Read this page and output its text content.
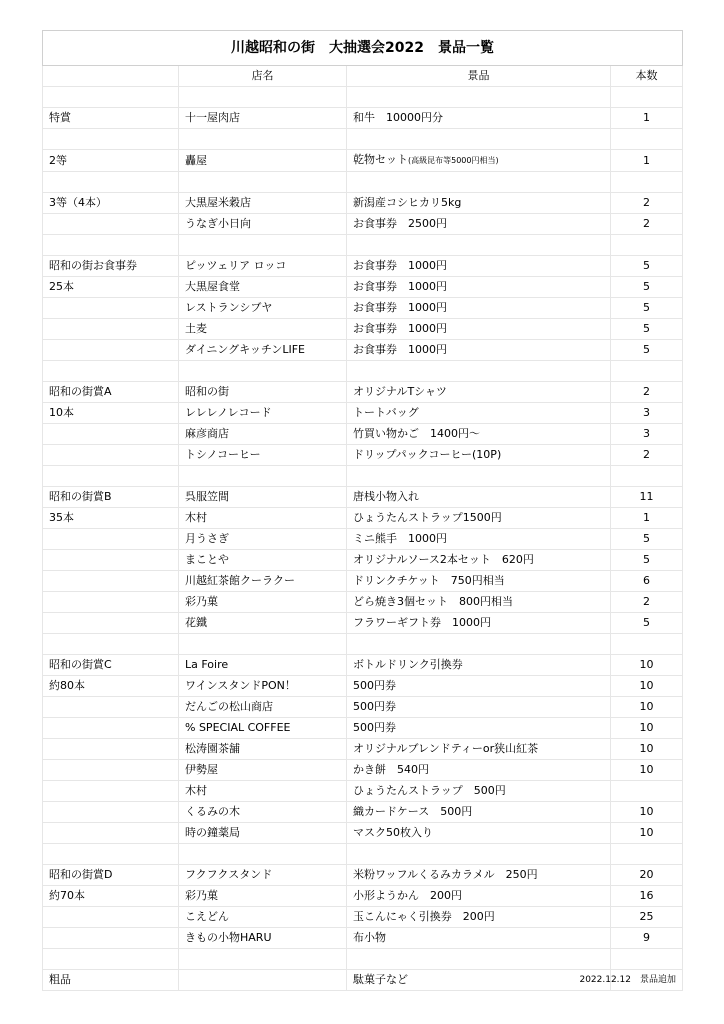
川越昭和の街　大抽選会2022　景品一覧			
	店名	景品	本数

特賞	十一屋肉店	和牛　10000円分	1

2等	轟屋	乾物セット(高級昆布等5000円相当)	1

3等（4本）	大黒屋米穀店	新潟産コシヒカリ5kg	2
	うなぎ小日向	お食事券　2500円	2

昭和の街お食事券	ピッツェリア ロッコ	お食事券　1000円	5
25本	大黒屋食堂	お食事券　1000円	5
	レストランシブヤ	お食事券　1000円	5
	土麦	お食事券　1000円	5
	ダイニングキッチンLIFE	お食事券　1000円	5

昭和の街賞A	昭和の街	オリジナルTシャツ	2
10本	レレレノレコード	トートバッグ	3
	麻彦商店	竹買い物かご　1400円～	3
	トシノコーヒー	ドリップパックコーヒー(10P)	2

昭和の街賞B	呉服笠間	唐桟小物入れ	11
35本	木村	ひょうたんストラップ1500円	1
	月うさぎ	ミニ熊手　1000円	5
	まことや	オリジナルソース2本セット　620円	5
	川越紅茶館クーラクー	ドリンクチケット　750円相当	6
	彩乃菓	どら焼き3個セット　800円相当	2
	花鐵	フラワーギフト券　1000円	5

昭和の街賞C	La Foire	ボトルドリンク引換券	10
約80本	ワインスタンドPON！	500円券	10
	だんごの松山商店	500円券	10
	% SPECIAL COFFEE	500円券	10
	松涛園茶舗	オリジナルブレンドティーor狭山紅茶	10
	伊勢屋	かき餅　540円	10
	木村	ひょうたんストラップ　500円	
	くるみの木	織カードケース　500円	10
	時の鐘薬局	マスク50枚入り	10

昭和の街賞D	フクフクスタンド	米粉ワッフルくるみカラメル　250円	20
約70本	彩乃菓	小形ようかん　200円	16
	こえどん	玉こんにゃく引換券　200円	25
	きもの小物HARU	布小物	9

粗品		駄菓子など		2022.12.12　景品追加
